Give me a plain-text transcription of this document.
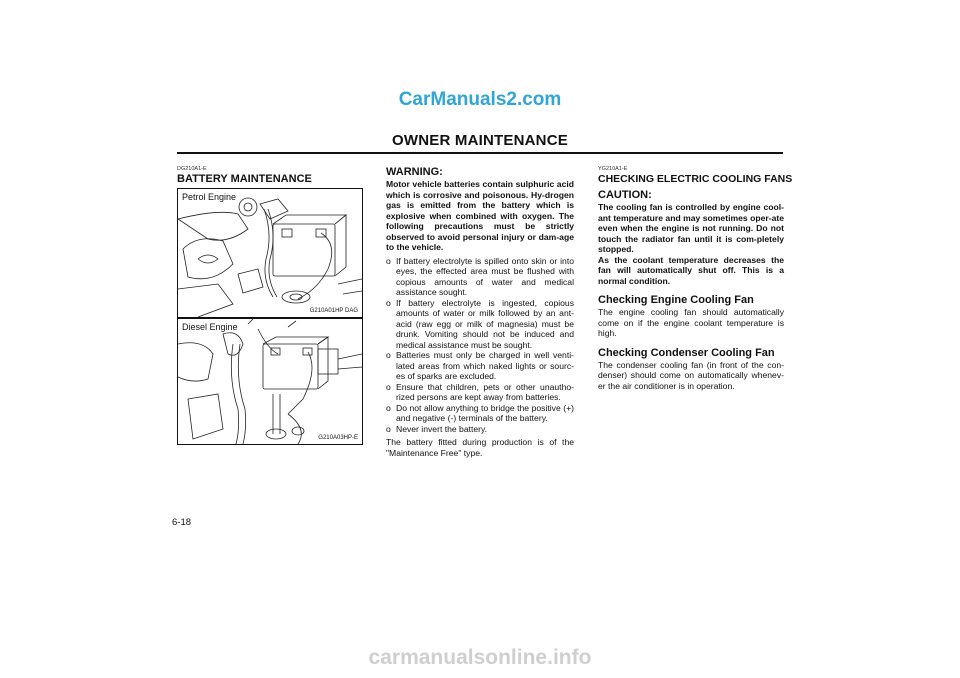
CarManuals2.com
OWNER MAINTENANCE
DG210A1-E
BATTERY MAINTENANCE
Petrol Engine
G210A01HP DAG
Diesel Engine
G210A03HP-E
WARNING:
Motor vehicle batteries contain sulphuric acid which is corrosive and poisonous. Hy-drogen gas is emitted from the battery which is explosive when combined with oxygen. The following precautions must be strictly observed to avoid personal injury or dam-age to the vehicle.
o If battery electrolyte is spilled onto skin or into eyes, the effected area must be flushed with copious amounts of water and medical assistance sought.
o If battery electrolyte is ingested, copious amounts of water or milk followed by an ant-acid (raw egg or milk of magnesia) must be drunk. Vomiting should not be induced and medical assistance must be sought.
o Batteries must only be charged in well venti-lated areas from which naked lights or sourc-es of sparks are excluded.
o Ensure that children, pets or other unautho-rized persons are kept away from batteries.
o Do not allow anything to bridge the positive (+) and negative (-) terminals of the battery.
o Never invert the battery.
The battery fitted during production is of the "Maintenance Free" type.
YG210A1-E
CHECKING ELECTRIC COOLING FANS
CAUTION:
The cooling fan is controlled by engine cool-ant temperature and may sometimes oper-ate even when the engine is not running. Do not touch the radiator fan until it is com-pletely stopped.
As the coolant temperature decreases the fan will automatically shut off. This is a normal condition.
Checking Engine Cooling Fan
The engine cooling fan should automatically come on if the engine coolant temperature is high.
Checking Condenser Cooling Fan
The condenser cooling fan (in front of the con-denser) should come on automatically whenev-er the air conditioner is in operation.
6-18
carmanualsonline.info
